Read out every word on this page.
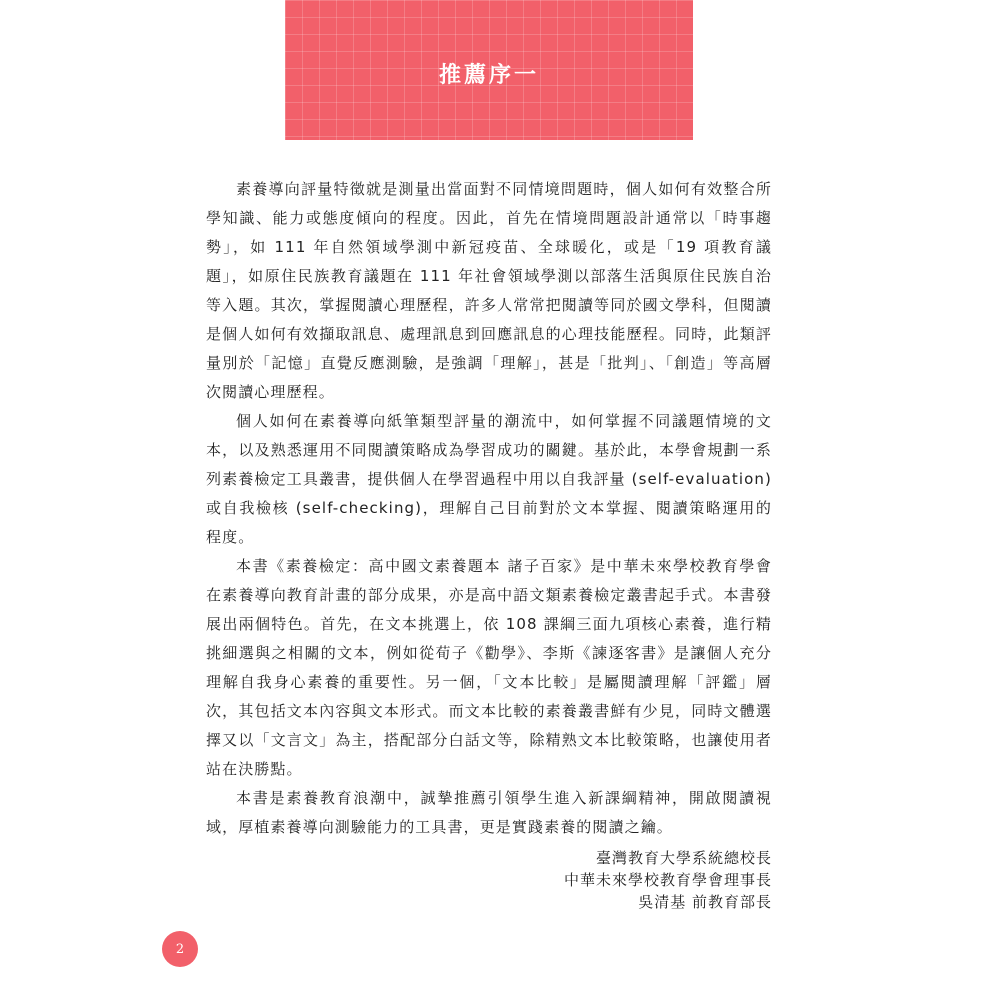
推薦序一

素養導向評量特徵就是測量出當面對不同情境問題時，個人如何有效整合所學知識、能力或態度傾向的程度。因此，首先在情境問題設計通常以「時事趨勢」，如 111 年自然領域學測中新冠疫苗、全球暖化，或是「19 項教育議題」，如原住民族教育議題在 111 年社會領域學測以部落生活與原住民族自治等入題。其次，掌握閱讀心理歷程，許多人常常把閱讀等同於國文學科，但閱讀是個人如何有效擷取訊息、處理訊息到回應訊息的心理技能歷程。同時，此類評量別於「記憶」直覺反應測驗，是強調「理解」，甚是「批判」、「創造」等高層次閱讀心理歷程。

個人如何在素養導向紙筆類型評量的潮流中，如何掌握不同議題情境的文本，以及熟悉運用不同閱讀策略成為學習成功的關鍵。基於此，本學會規劃一系列素養檢定工具叢書，提供個人在學習過程中用以自我評量 (self-evaluation) 或自我檢核 (self-checking)，理解自己目前對於文本掌握、閱讀策略運用的程度。

本書《素養檢定：高中國文素養題本 諸子百家》是中華未來學校教育學會在素養導向教育計畫的部分成果，亦是高中語文類素養檢定叢書起手式。本書發展出兩個特色。首先，在文本挑選上，依 108 課綱三面九項核心素養，進行精挑細選與之相關的文本，例如從荀子《勸學》、李斯《諫逐客書》是讓個人充分理解自我身心素養的重要性。另一個，「文本比較」是屬閱讀理解「評鑑」層次，其包括文本內容與文本形式。而文本比較的素養叢書鮮有少見，同時文體選擇又以「文言文」為主，搭配部分白話文等，除精熟文本比較策略，也讓使用者站在決勝點。

本書是素養教育浪潮中，誠摯推薦引領學生進入新課綱精神，開啟閱讀視域，厚植素養導向測驗能力的工具書，更是實踐素養的閱讀之鑰。

臺灣教育大學系統總校長
中華未來學校教育學會理事長
吳清基 前教育部長
2
